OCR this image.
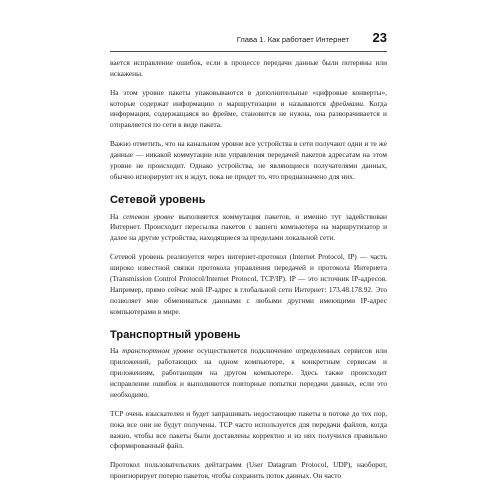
Глава 1. Как работает Интернет 23

вается исправление ошибок, если в процессе передачи данные были потеряны или искажены.

На этом уровне пакеты упаковываются в дополнительные «цифровые конверты», которые содержат информацию о маршрутизации и называются фреймами. Когда информация, содержащаяся во фрейме, становится не нужна, она разворачивается и отправляется по сети в виде пакета.

Важно отметить, что на канальном уровне все устройства в сети получают одни и те же данные — никакой коммутации или управления передачей пакетов адресатам на этом уровне не происходит. Однако устройства, не являющиеся получателями данных, обычно игнорируют их и ждут, пока не придет то, что предназначено для них.

Сетевой уровень

На сетевом уровне выполняется коммутация пакетов, и именно тут задействован Интернет. Происходит пересылка пакетов с вашего компьютера на маршрутизатор и далее на другие устройства, находящиеся за пределами локальной сети.

Сетевой уровень реализуется через интернет-протокол (Internet Protocol, IP) — часть широко известной связки протокола управления передачей и протокола Интернета (Transmission Control Protocol/Internet Protocol, TCP/IP). IP — это источник IP-адресов. Например, прямо сейчас мой IP-адрес в глобальной сети Интернет: 173.48.178.92. Это позволяет мне обмениваться данными с любыми другими имеющими IP-адрес компьютерами в мире.

Транспортный уровень

На транспортном уровне осуществляется подключение определенных сервисов или приложений, работающих на одном компьютере, к конкретным сервисам и приложениям, работающим на другом компьютере. Здесь также происходит исправление ошибок и выполняются повторные попытки передачи данных, если это необходимо.

TCP очень взыскателен и будет запрашивать недостающие пакеты в потоке до тех пор, пока все они не будут получены. TCP часто используется для передачи файлов, когда важно, чтобы все пакеты были доставлены корректно и из них получился правильно сформированный файл.

Протокол пользовательских дейтаграмм (User Datagram Protocol, UDP), наоборот, проигнорирует потерю пакетов, чтобы сохранить поток данных. Он часто
